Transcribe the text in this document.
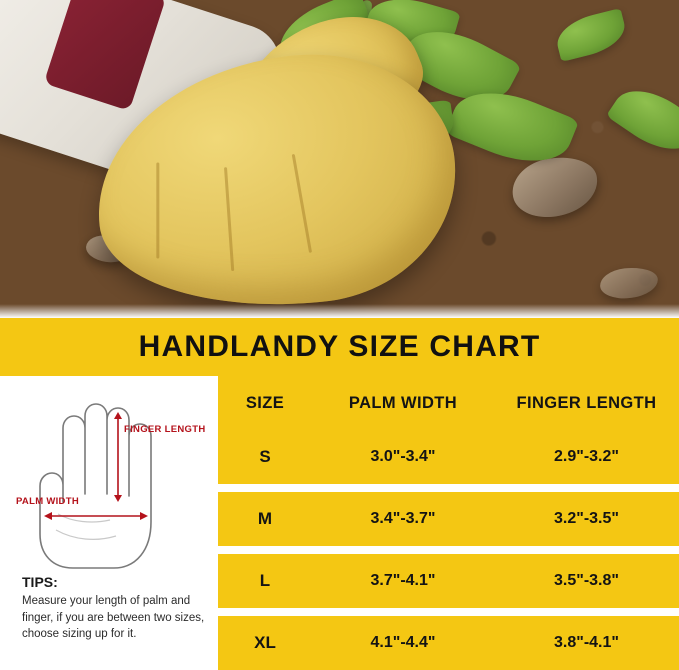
HANDLANDY SIZE CHART
FINGER LENGTH
PALM WIDTH
TIPS:
Measure your length of palm and finger, if you are between two sizes, choose sizing up for it.
SIZE	PALM WIDTH	FINGER LENGTH
S	3.0"-3.4"	2.9"-3.2"

M	3.4"-3.7"	3.2"-3.5"

L	3.7"-4.1"	3.5"-3.8"

XL	4.1"-4.4"	3.8"-4.1"
